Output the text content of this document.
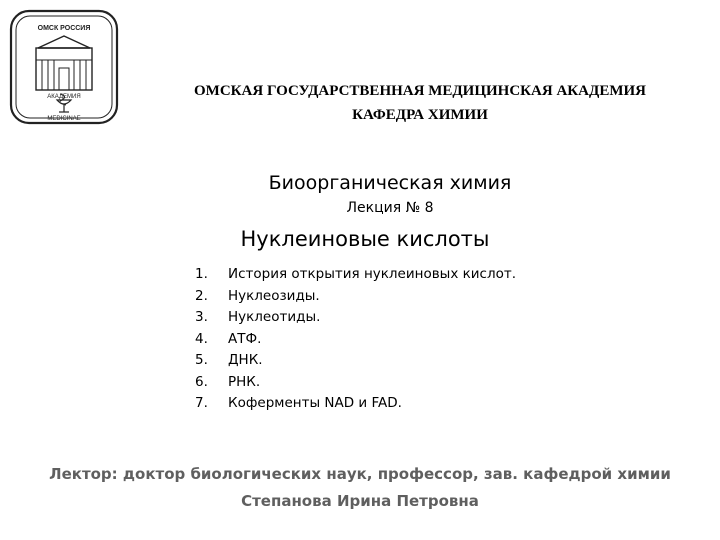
ОМСК РОССИЯ
АКАДЕМИЯ
MEDICINAE
ОМСКАЯ ГОСУДАРСТВЕННАЯ МЕДИЦИНСКАЯ АКАДЕМИЯ
КАФЕДРА ХИМИИ
Биоорганическая химия
Лекция № 8
Нуклеиновые кислоты
1.	История открытия нуклеиновых кислот.
2.	Нуклеозиды.
3.	Нуклеотиды.
4.	АТФ.
5.	ДНК.
6.	РНК.
7.	Коферменты NAD и FAD.
Лектор: доктор биологических наук, профессор, зав. кафедрой химии
Степанова Ирина Петровна
